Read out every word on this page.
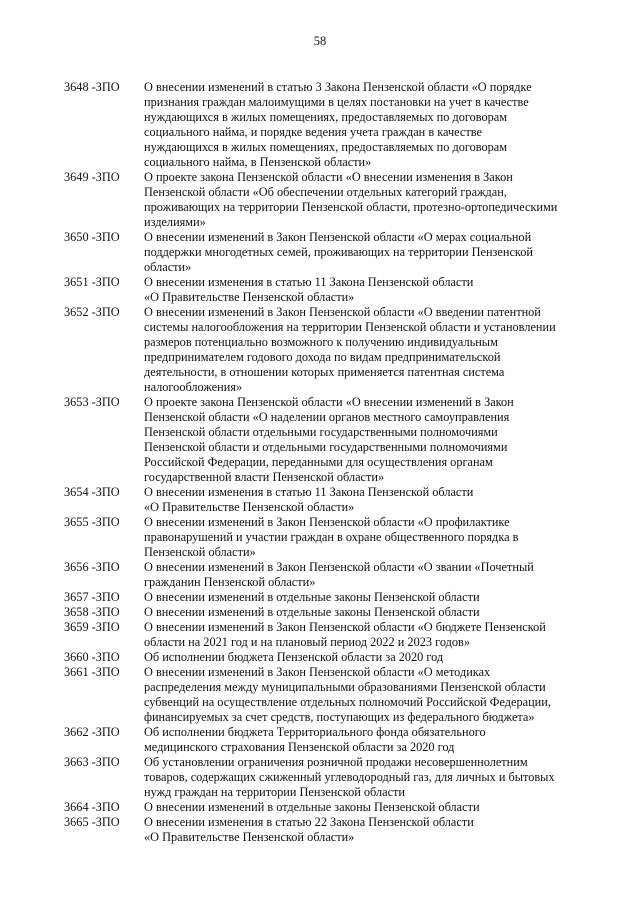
58
3648 -ЗПО	О внесении изменений в статью 3 Закона Пензенской области «О порядке
признания граждан малоимущими в целях постановки на учет в качестве
нуждающихся в жилых помещениях, предоставляемых по договорам
социального найма, и порядке ведения учета граждан в качестве
нуждающихся в жилых помещениях, предоставляемых по договорам
социального найма, в Пензенской области»
3649 -ЗПО	О проекте закона Пензенской области «О внесении изменения в Закон
Пензенской области «Об обеспечении отдельных категорий граждан,
проживающих на территории Пензенской области, протезно-ортопедическими
изделиями»
3650 -ЗПО	О внесении изменений в Закон Пензенской области «О мерах социальной
поддержки многодетных семей, проживающих на территории Пензенской
области»
3651 -ЗПО	О внесении изменения в статью 11 Закона Пензенской области
«О Правительстве Пензенской области»
3652 -ЗПО	О внесении изменений в Закон Пензенской области «О введении патентной
системы налогообложения на территории Пензенской области и установлении
размеров потенциально возможного к получению индивидуальным
предпринимателем годового дохода по видам предпринимательской
деятельности, в отношении которых применяется патентная система
налогообложения»
3653 -ЗПО	О проекте закона Пензенской области «О внесении изменений в Закон
Пензенской области «О наделении органов местного самоуправления
Пензенской области отдельными государственными полномочиями
Пензенской области и отдельными государственными полномочиями
Российской Федерации, переданными для осуществления органам
государственной власти Пензенской области»
3654 -ЗПО	О внесении изменения в статью 11 Закона Пензенской области
«О Правительстве Пензенской области»
3655 -ЗПО	О внесении изменений в Закон Пензенской области «О профилактике
правонарушений и участии граждан в охране общественного порядка в
Пензенской области»
3656 -ЗПО	О внесении изменений в Закон Пензенской области «О звании «Почетный
гражданин Пензенской области»
3657 -ЗПО	О внесении изменений в отдельные законы Пензенской области
3658 -ЗПО	О внесении изменений в отдельные законы Пензенской области
3659 -ЗПО	О внесении изменений в Закон Пензенской области «О бюджете Пензенской
области на 2021 год и на плановый период 2022 и 2023 годов»
3660 -ЗПО	Об исполнении бюджета Пензенской области за 2020 год
3661 -ЗПО	О внесении изменений в Закон Пензенской области «О методиках
распределения между муниципальными образованиями Пензенской области
субвенций на осуществление отдельных полномочий Российской Федерации,
финансируемых за счет средств, поступающих из федерального бюджета»
3662 -ЗПО	Об исполнении бюджета Территориального фонда обязательного
медицинского страхования Пензенской области за 2020 год
3663 -ЗПО	Об установлении ограничения розничной продажи несовершеннолетним
товаров, содержащих сжиженный углеводородный газ, для личных и бытовых
нужд граждан на территории Пензенской области
3664 -ЗПО	О внесении изменений в отдельные законы Пензенской области
3665 -ЗПО	О внесении изменения в статью 22 Закона Пензенской области
«О Правительстве Пензенской области»
